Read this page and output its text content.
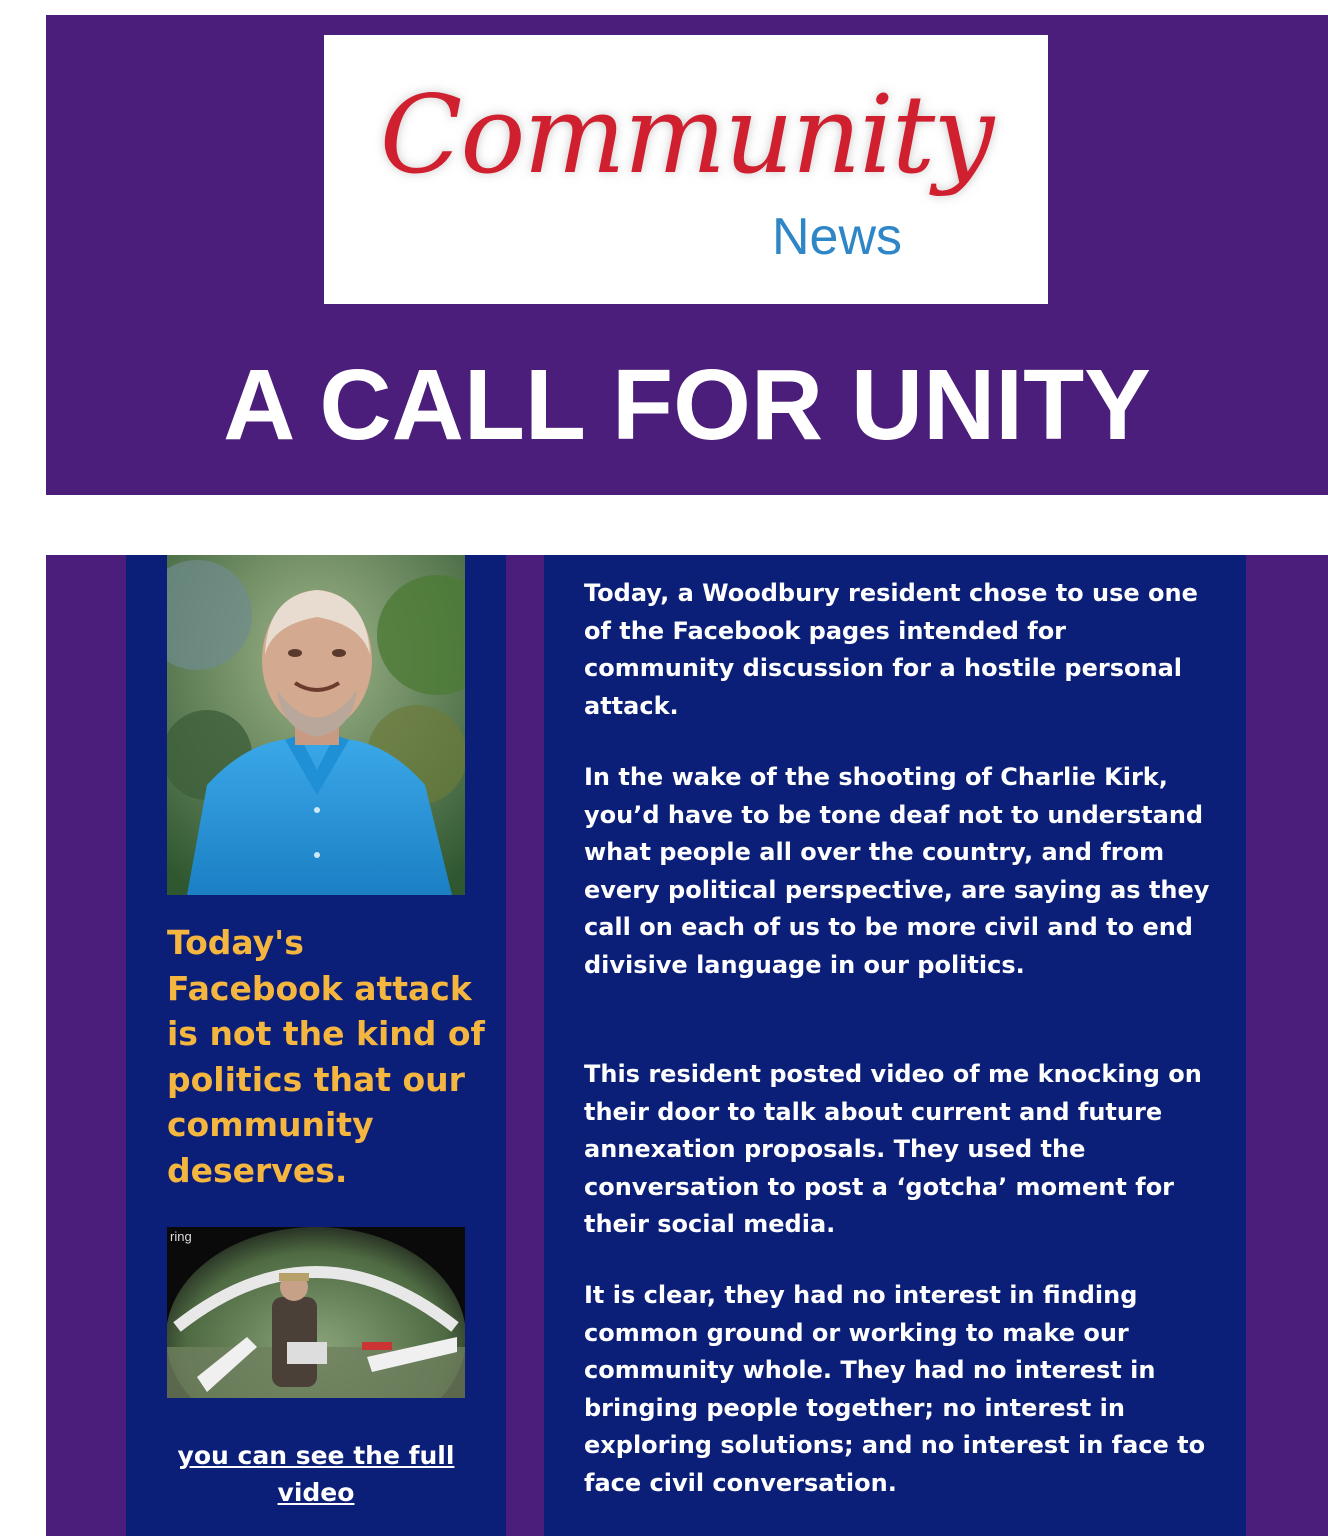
Community
News
A CALL FOR UNITY
Today's Facebook attack is not the kind of politics that our community deserves.
ring
you can see the full video

Today, a Woodbury resident chose to use one of the Facebook pages intended for community discussion for a hostile personal attack.

In the wake of the shooting of Charlie Kirk, you’d have to be tone deaf not to understand what people all over the country, and from every political perspective, are saying as they call on each of us to be more civil and to end divisive language in our politics.

This resident posted video of me knocking on their door to talk about current and future annexation proposals. They used the conversation to post a ‘gotcha’ moment for their social media.

It is clear, they had no interest in finding common ground or working to make our community whole. They had no interest in bringing people together; no interest in exploring solutions; and no interest in face to face civil conversation.
